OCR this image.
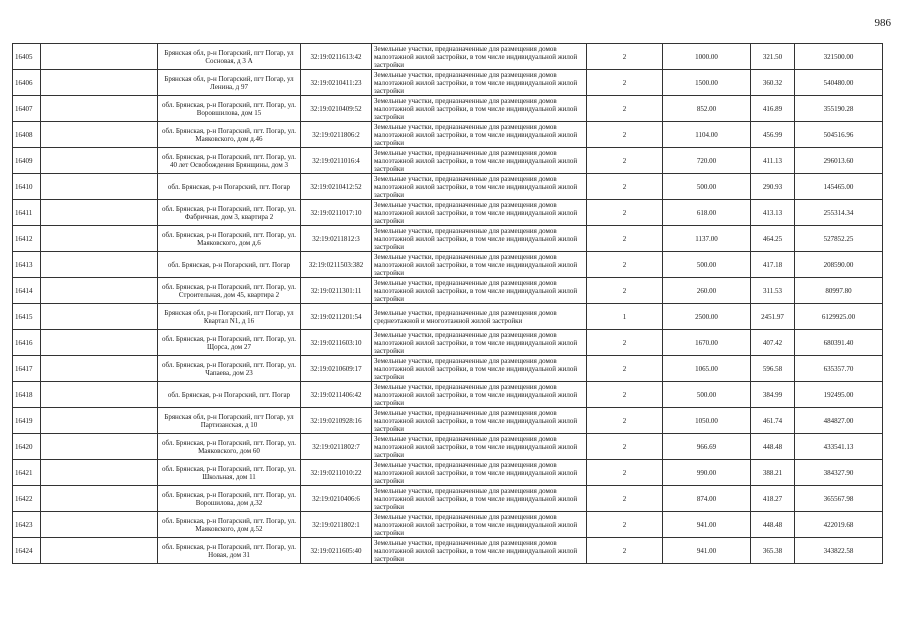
986
16405		Брянская обл, р-н Погарский, пгт Погар, ул Сосновая, д 3 А	32:19:0211613:42	Земельные участки, предназначенные для размещения домов малоэтажной жилой застройки, в том числе индивидуальной жилой застройки	2	1000.00	321.50	321500.00
16406		Брянская обл, р-н Погарский, пгт Погар, ул Ленина, д 97	32:19:0210411:23	Земельные участки, предназначенные для размещения домов малоэтажной жилой застройки, в том числе индивидуальной жилой застройки	2	1500.00	360.32	540480.00
16407		обл. Брянская, р-н Погарский, пгт. Погар, ул. Воровшилова, дом 15	32:19:0210409:52	Земельные участки, предназначенные для размещения домов малоэтажной жилой застройки, в том числе индивидуальной жилой застройки	2	852.00	416.89	355190.28
16408		обл. Брянская, р-н Погарский, пгт. Погар, ул. Маяковского, дом д.46	32:19:0211806:2	Земельные участки, предназначенные для размещения домов малоэтажной жилой застройки, в том числе индивидуальной жилой застройки	2	1104.00	456.99	504516.96
16409		обл. Брянская, р-н Погарский, пгт. Погар, ул. 40 лет Освобождения Брянщины, дом 3	32:19:0211016:4	Земельные участки, предназначенные для размещения домов малоэтажной жилой застройки, в том числе индивидуальной жилой застройки	2	720.00	411.13	296013.60
16410		обл. Брянская, р-н Погарский, пгт. Погар	32:19:0210412:52	Земельные участки, предназначенные для размещения домов малоэтажной жилой застройки, в том числе индивидуальной жилой застройки	2	500.00	290.93	145465.00
16411		обл. Брянская, р-н Погарский, пгт. Погар, ул. Фабричная, дом 3, квартира 2	32:19:0211017:10	Земельные участки, предназначенные для размещения домов малоэтажной жилой застройки, в том числе индивидуальной жилой застройки	2	618.00	413.13	255314.34
16412		обл. Брянская, р-н Погарский, пгт. Погар, ул. Маяковского, дом д.6	32:19:0211812:3	Земельные участки, предназначенные для размещения домов малоэтажной жилой застройки, в том числе индивидуальной жилой застройки	2	1137.00	464.25	527852.25
16413		обл. Брянская, р-н Погарский, пгт. Погар	32:19:0211503:382	Земельные участки, предназначенные для размещения домов малоэтажной жилой застройки, в том числе индивидуальной жилой застройки	2	500.00	417.18	208590.00
16414		обл. Брянская, р-н Погарский, пгт. Погар, ул. Строительная, дом 45, квартира 2	32:19:0211301:11	Земельные участки, предназначенные для размещения домов малоэтажной жилой застройки, в том числе индивидуальной жилой застройки	2	260.00	311.53	80997.80
16415		Брянская обл, р-н Погарский, пгт Погар, ул Квартал N1, д 16	32:19:0211201:54	Земельные участки, предназначенные для размещения домов среднеэтажной и многоэтажной жилой застройки	1	2500.00	2451.97	6129925.00
16416		обл. Брянская, р-н Погарский, пгт. Погар, ул. Щорса, дом 27	32:19:0211603:10	Земельные участки, предназначенные для размещения домов малоэтажной жилой застройки, в том числе индивидуальной жилой застройки	2	1670.00	407.42	680391.40
16417		обл. Брянская, р-н Погарский, пгт. Погар, ул. Чапаева, дом 23	32:19:0210609:17	Земельные участки, предназначенные для размещения домов малоэтажной жилой застройки, в том числе индивидуальной жилой застройки	2	1065.00	596.58	635357.70
16418		обл. Брянская, р-н Погарский, пгт. Погар	32:19:0211406:42	Земельные участки, предназначенные для размещения домов малоэтажной жилой застройки, в том числе индивидуальной жилой застройки	2	500.00	384.99	192495.00
16419		Брянская обл, р-н Погарский, пгт Погар, ул Партизанская, д 10	32:19:0210928:16	Земельные участки, предназначенные для размещения домов малоэтажной жилой застройки, в том числе индивидуальной жилой застройки	2	1050.00	461.74	484827.00
16420		обл. Брянская, р-н Погарский, пгт. Погар, ул. Маяковского, дом 60	32:19:0211802:7	Земельные участки, предназначенные для размещения домов малоэтажной жилой застройки, в том числе индивидуальной жилой застройки	2	966.69	448.48	433541.13
16421		обл. Брянская, р-н Погарский, пгт. Погар, ул. Школьная, дом 11	32:19:0211010:22	Земельные участки, предназначенные для размещения домов малоэтажной жилой застройки, в том числе индивидуальной жилой застройки	2	990.00	388.21	384327.90
16422		обл. Брянская, р-н Погарский, пгт. Погар, ул. Ворошилова, дом д.32	32:19:0210406:6	Земельные участки, предназначенные для размещения домов малоэтажной жилой застройки, в том числе индивидуальной жилой застройки	2	874.00	418.27	365567.98
16423		обл. Брянская, р-н Погарский, пгт. Погар, ул. Маяковского, дом д.52	32:19:0211802:1	Земельные участки, предназначенные для размещения домов малоэтажной жилой застройки, в том числе индивидуальной жилой застройки	2	941.00	448.48	422019.68
16424		обл. Брянская, р-н Погарский, пгт. Погар, ул. Новая, дом 31	32:19:0211605:40	Земельные участки, предназначенные для размещения домов малоэтажной жилой застройки, в том числе индивидуальной жилой застройки	2	941.00	365.38	343822.58
